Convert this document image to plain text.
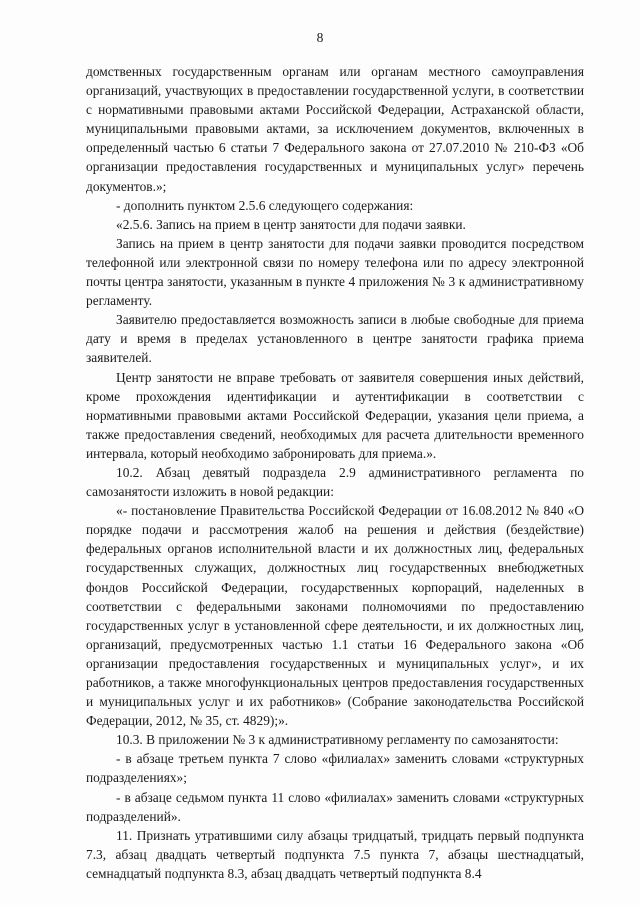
8

домственных государственным органам или органам местного самоуправления организаций, участвующих в предоставлении государственной услуги, в соответствии с нормативными правовыми актами Российской Федерации, Астраханской области, муниципальными правовыми актами, за исключением документов, включенных в определенный частью 6 статьи 7 Федерального закона от 27.07.2010 № 210-ФЗ «Об организации предоставления государственных и муниципальных услуг» перечень документов.»;

- дополнить пунктом 2.5.6 следующего содержания:

«2.5.6. Запись на прием в центр занятости для подачи заявки.

Запись на прием в центр занятости для подачи заявки проводится посредством телефонной или электронной связи по номеру телефона или по адресу электронной почты центра занятости, указанным в пункте 4 приложения № 3 к административному регламенту.

Заявителю предоставляется возможность записи в любые свободные для приема дату и время в пределах установленного в центре занятости графика приема заявителей.

Центр занятости не вправе требовать от заявителя совершения иных действий, кроме прохождения идентификации и аутентификации в соответствии с нормативными правовыми актами Российской Федерации, указания цели приема, а также предоставления сведений, необходимых для расчета длительности временного интервала, который необходимо забронировать для приема.».

10.2. Абзац девятый подраздела 2.9 административного регламента по самозанятости изложить в новой редакции:

«- постановление Правительства Российской Федерации от 16.08.2012 № 840 «О порядке подачи и рассмотрения жалоб на решения и действия (бездействие) федеральных органов исполнительной власти и их должностных лиц, федеральных государственных служащих, должностных лиц государственных внебюджетных фондов Российской Федерации, государственных корпораций, наделенных в соответствии с федеральными законами полномочиями по предоставлению государственных услуг в установленной сфере деятельности, и их должностных лиц, организаций, предусмотренных частью 1.1 статьи 16 Федерального закона «Об организации предоставления государственных и муниципальных услуг», и их работников, а также многофункциональных центров предоставления государственных и муниципальных услуг и их работников» (Собрание законодательства Российской Федерации, 2012, № 35, ст. 4829);».

10.3. В приложении № 3 к административному регламенту по самозанятости:

- в абзаце третьем пункта 7 слово «филиалах» заменить словами «структурных подразделениях»;

- в абзаце седьмом пункта 11 слово «филиалах» заменить словами «структурных подразделений».

11. Признать утратившими силу абзацы тридцатый, тридцать первый подпункта 7.3, абзац двадцать четвертый подпункта 7.5 пункта 7, абзацы шестнадцатый, семнадцатый подпункта 8.3, абзац двадцать четвертый подпункта 8.4
